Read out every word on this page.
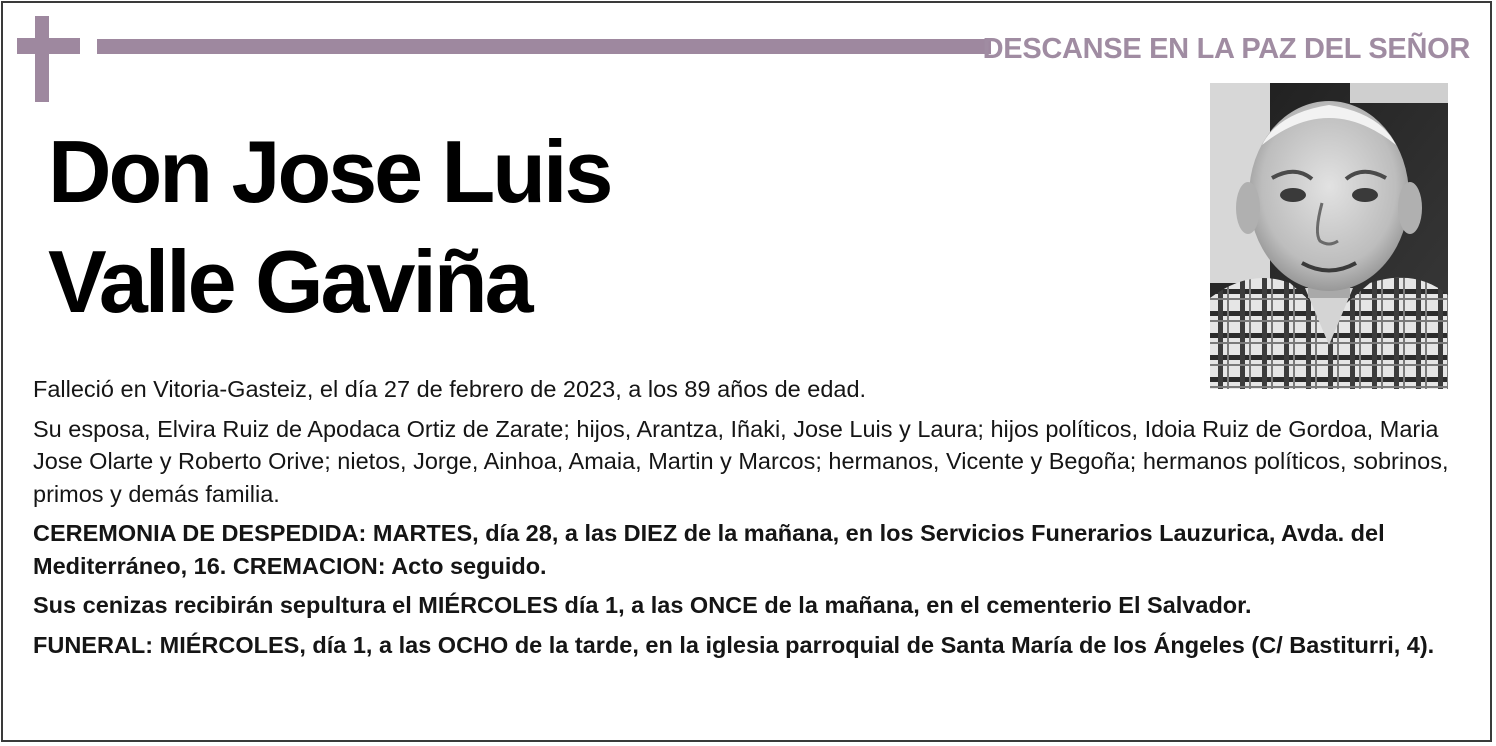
DESCANSE EN LA PAZ DEL SEÑOR
Don Jose Luis
Valle Gaviña

Falleció en Vitoria-Gasteiz, el día 27 de febrero de 2023, a los 89 años de edad.

Su esposa, Elvira Ruiz de Apodaca Ortiz de Zarate; hijos, Arantza, Iñaki, Jose Luis y Laura; hijos políticos, Idoia Ruiz de Gordoa, Maria Jose Olarte y Roberto Orive; nietos, Jorge, Ainhoa, Amaia, Martin y Marcos; hermanos, Vicente y Begoña; hermanos políticos, sobrinos, primos y demás familia.

CEREMONIA DE DESPEDIDA: MARTES, día 28, a las DIEZ de la mañana, en los Servicios Funerarios Lauzurica, Avda. del Mediterráneo, 16. CREMACION: Acto seguido.

Sus cenizas recibirán sepultura el MIÉRCOLES día 1, a las ONCE de la mañana, en el cementerio El Salvador.

FUNERAL: MIÉRCOLES, día 1, a las OCHO de la tarde, en la iglesia parroquial de Santa María de los Ángeles (C/ Bastiturri, 4).
